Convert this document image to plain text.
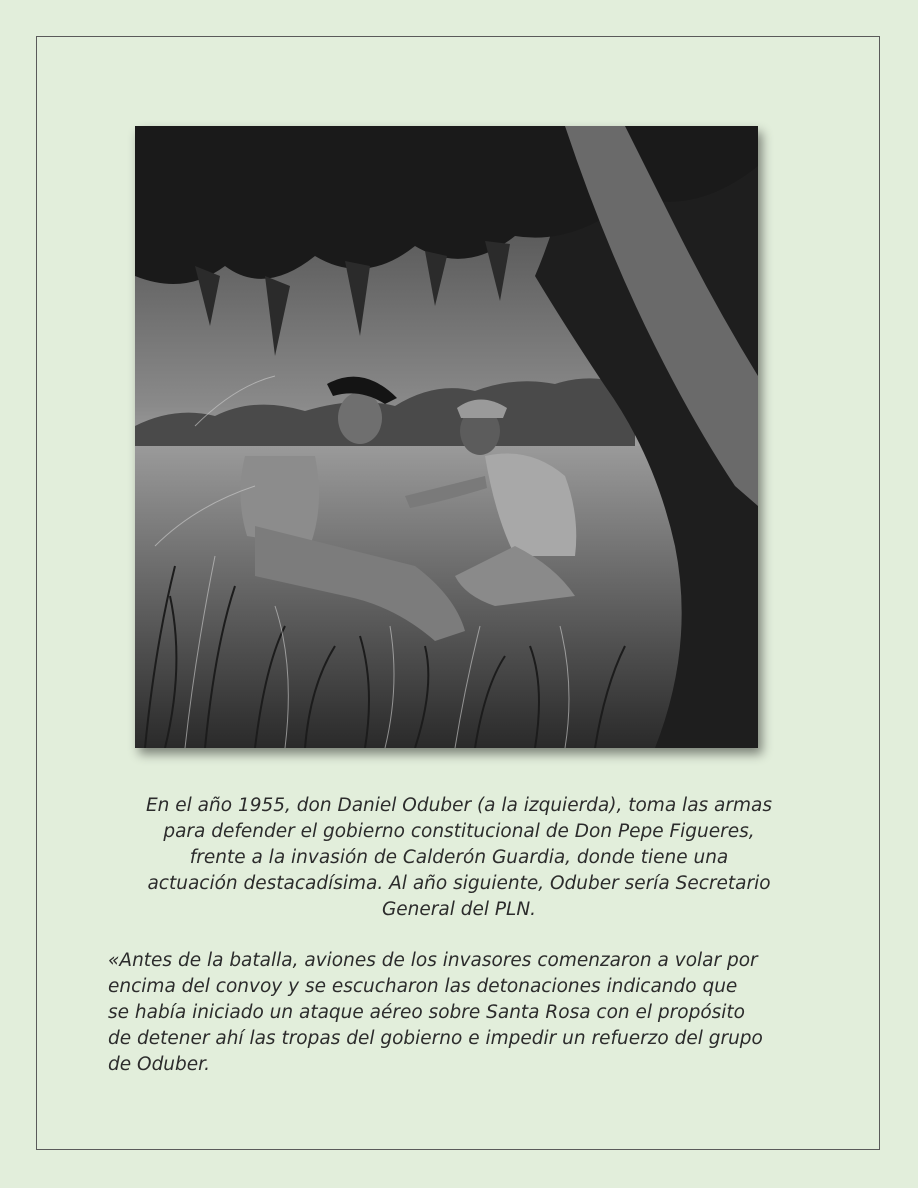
En el año 1955, don Daniel Oduber (a la izquierda), toma las armas
para defender el gobierno constitucional de Don Pepe Figueres,
frente a la invasión de Calderón Guardia, donde tiene una
actuación destacadísima. Al año siguiente, Oduber sería Secretario
General del PLN.

«Antes de la batalla, aviones de los invasores comenzaron a volar por
encima del convoy y se escucharon las detonaciones indicando que
se había iniciado un ataque aéreo sobre Santa Rosa con el propósito
de detener ahí las tropas del gobierno e impedir un refuerzo del grupo
de Oduber.
